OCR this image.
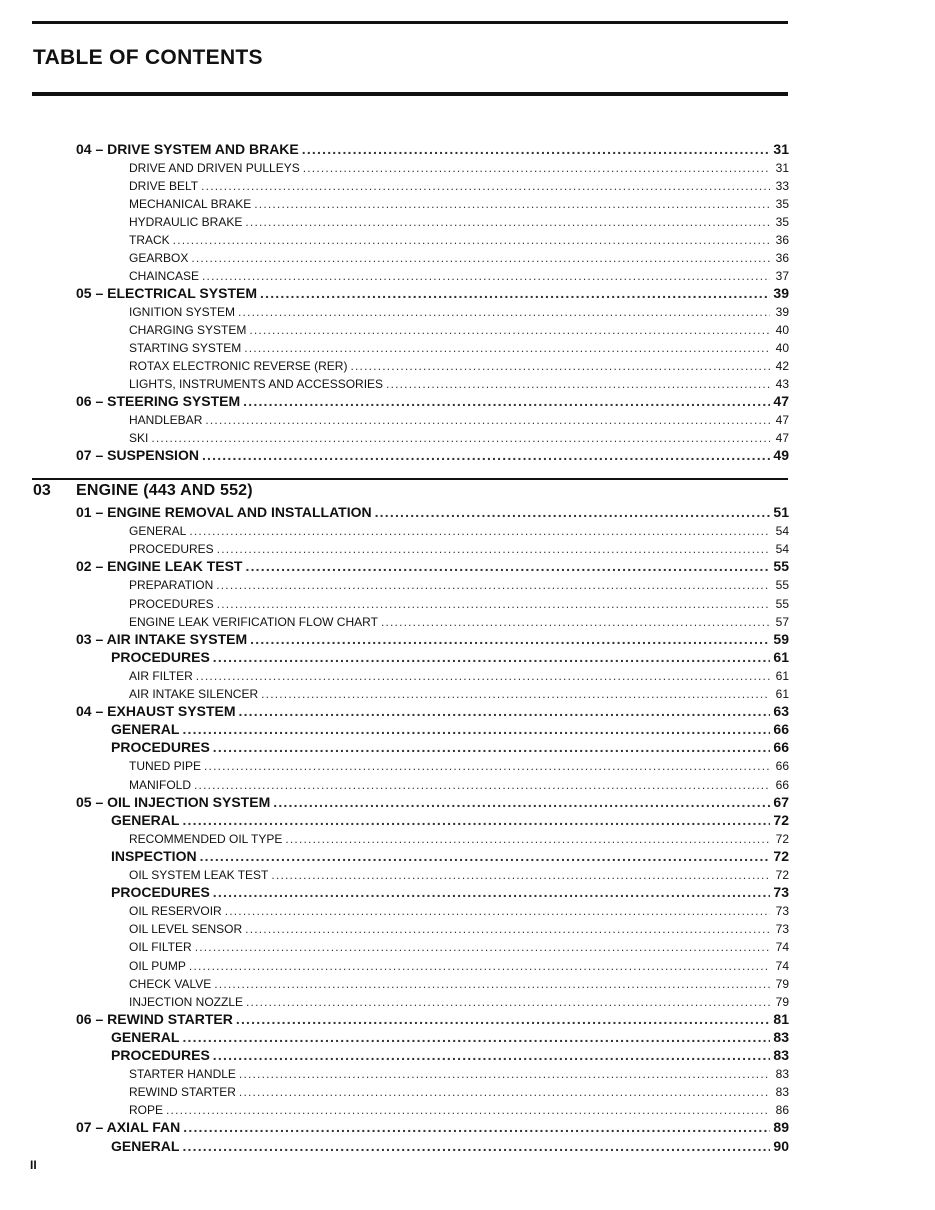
TABLE OF CONTENTS
03 ENGINE (443 AND 552)
04 – DRIVE SYSTEM AND BRAKE .....	31
DRIVE AND DRIVEN PULLEYS .....	31
DRIVE BELT .....	33
MECHANICAL BRAKE .....	35
HYDRAULIC BRAKE .....	35
TRACK .....	36
GEARBOX .....	36
CHAINCASE .....	37
05 – ELECTRICAL SYSTEM .....	39
IGNITION SYSTEM .....	39
CHARGING SYSTEM .....	40
STARTING SYSTEM .....	40
ROTAX ELECTRONIC REVERSE (RER) .....	42
LIGHTS, INSTRUMENTS AND ACCESSORIES .....	43
06 – STEERING SYSTEM .....	47
HANDLEBAR .....	47
SKI .....	47
07 – SUSPENSION .....	49
01 – ENGINE REMOVAL AND INSTALLATION .....	51
GENERAL .....	54
PROCEDURES .....	54
02 – ENGINE LEAK TEST .....	55
PREPARATION .....	55
PROCEDURES .....	55
ENGINE LEAK VERIFICATION FLOW CHART .....	57
03 – AIR INTAKE SYSTEM .....	59
PROCEDURES .....	61
AIR FILTER .....	61
AIR INTAKE SILENCER .....	61
04 – EXHAUST SYSTEM .....	63
GENERAL .....	66
PROCEDURES .....	66
TUNED PIPE .....	66
MANIFOLD .....	66
05 – OIL INJECTION SYSTEM .....	67
GENERAL .....	72
RECOMMENDED OIL TYPE .....	72
INSPECTION .....	72
OIL SYSTEM LEAK TEST .....	72
PROCEDURES .....	73
OIL RESERVOIR .....	73
OIL LEVEL SENSOR .....	73
OIL FILTER .....	74
OIL PUMP .....	74
CHECK VALVE .....	79
INJECTION NOZZLE .....	79
06 – REWIND STARTER .....	81
GENERAL .....	83
PROCEDURES .....	83
STARTER HANDLE .....	83
REWIND STARTER .....	83
ROPE .....	86
07 – AXIAL FAN .....	89
GENERAL .....	90
II
